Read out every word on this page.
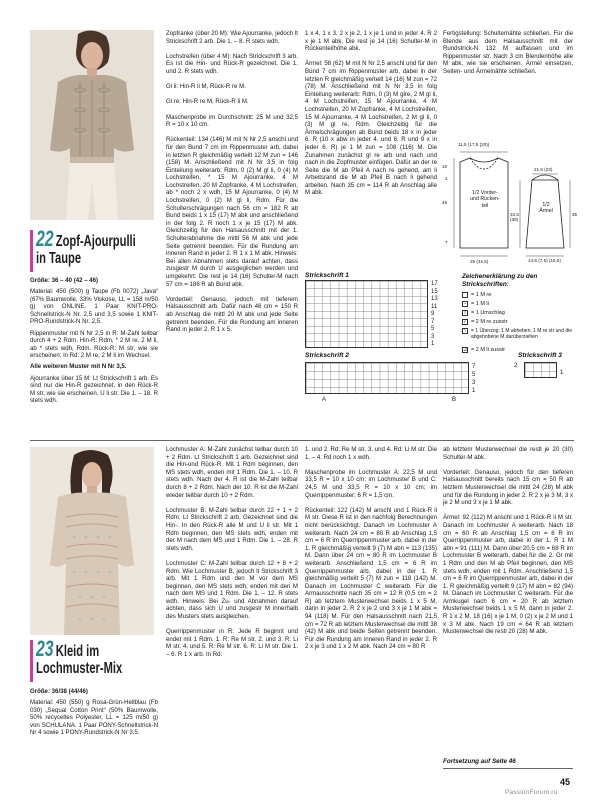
22 Zopf-Ajourpulli
in Taupe

Größe: 36 – 40 (42 – 46)

Material: 450 (500) g Taupe (Fb 0072) „Java“ (67% Baumwolle, 33% Viskose, LL = 158 m/50 g) von ONLINE. 1 Paar KNIT-PRO-Schnellstrick-N Nr. 2,5 und 3,5 sowie 1 KNIT-PRO-Rundstrick-N Nr. 2,5.

Rippenmuster mit N Nr 2,5 in R: M-Zahl teilbar durch 4 + 2 Rdm. Hin-R: Rdm, * 2 M re, 2 M li, ab * stets wdh, Rdm. Rück-R: M str, wie sie erscheinen; in Rd: 2 M re, 2 M li im Wechsel.

Alle weiteren Muster mit N Nr 3,5.

Ajourranke über 15 M: Lt Strickschrift 1 arb. Es sind nur die Hin-R gezeichnet, in den Rück-R M str, wie sie erscheinen, U li str. Die 1. – 18. R stets wdh.

Zopfranke (über 20 M): Wie Ajourranke, jedoch lt Strickschrift 2 arb. Die 1. – 8. R stets wdh.

Lochstreifen (über 4 M): Nach Strickschrift 3 arb. Es ist die Hin- und Rück-R gezeichnet. Die 1. und 2. R stets wdh.

Gl li: Hin-R li M, Rück-R re M.

Gl re: Hin-R re M, Rück-R li M.

Maschenprobe im Durchschnitt: 25 M und 32,5 R = 10 x 10 cm.

Rückenteil: 134 (146) M mit N Nr 2,5 anschl und für den Bund 7 cm im Rippenmuster arb, dabei in letzten R gleichmäßig verteilt 12 M zun = 146 (158) M. Anschließend mit N Nr 3,5 in folg Einteilung weiterarb: Rdm, 0 (2) M gl li, 0 (4) M Lochstreifen, * 15 M Ajourranke, 4 M Lochstreifen, 20 M Zopfranke, 4 M Lochstreifen, ab * noch 2 x wdh, 15 M Ajourranke, 0 (4) M Lochstreifen, 0 (2) M gl li, Rdm. Für die Schulterschrägungen nach 56 cm = 182 R ab Bund beids 1 x 15 (17) M abk und anschließend in der folg 2. R noch 1 x je 15 (17) M abk. Gleichzeitig für den Halsausschnitt mit der 1. Schulterabnahme die mittl 56 M abk und jede Seite getrennt beenden. Für die Rundung am inneren Rand in jeder 2. R 1 x 1 M abk. Hinweis: Bei allen Abnahmen stets darauf achten, dass zusgestr M durch U ausgeglichen werden und umgekehrt. Die rest je 14 (16) Schulter-M nach 57 cm = 186 R ab Bund abk.

Vorderteil: Genauso, jedoch mit tieferem Halsausschnitt arb. Dafür nach 46 cm = 150 R ab Anschlag die mittl 20 M abk und jede Seite getrennt beenden. Für die Rundung am inneren Rand in jeder 2. R 1 x 5,

1 x 4, 1 x 3, 2 x je 2, 1 x je 1 und in jeder 4. R 2 x je 1 M abk. Die rest je 14 (16) Schulter-M in Rückenteilhöhe abk.

Ärmel: 58 (62) M mit N Nr 2,5 anschl und für den Bund 7 cm im Rippenmuster arb, dabei in der letzten R gleichmäßig verteilt 14 (16) M zun = 72 (78) M. Anschließend mit N Nr 3,5 in folg Einteilung weiterarb: Rdm, 0 (3) M glre, 2 M gl li, 4 M Lochstreifen, 15 M Ajourranke, 4 M Lochstreifen, 20 M Zopfranke, 4 M Lochstreifen, 15 M Ajourranke, 4 M Lochstreifen, 2 M gl li, 0 (3) M gl re, Rdm. Gleichzeitig für die Ärmelschrägungen ab Bund beids 18 x in jeder 6. R (10 x abw in jeder 4. und 6. R und 9 x in jeder 6. R) je 1 M zun = 108 (116) M. Die Zunahmen zunächst gl re arb und nach und nach in die Zopfmuster einfügen. Dafür an der re Seite die M ab Pfeil A nach re gehend, am li Arbeitsrand die M ab Pfeil B nach li gehend arbeiten. Nach 35 cm = 114 R ab Anschlag alle M abk.

Fertigstellung: Schulternähte schließen. Für die Blende aus dem Halsausschnitt mit der Rundstrick-N 132 M auffassen und im Rippenmuster str. Nach 3 cm Blendenhöhe alle M abk, wie sie erscheinen. Ärmel einsetzen, Seiten- und Ärmelnähte schließen.

11,5 (17,5 (20))
1/2 Vorder- und Rücken- teil	1/2 Ärmel
10
1
46
7
29 (31,5)
21,5 (23)
34,5 (38)
35
14,5 (7,5) (15,5)
Strickschrift 1
17
15
13
11
9
7
5
3
1
Strickschrift 2
7
5
3
1
A	B
Strickschrift 3
2
1
Zeichenerklärung zu den Strickschriften:
= 1 M re
– = 1 M li
○ = 1 Umschlag
/ = 2 M re zusstr
\	= 1 Überzog: 1 M abheben, 1 M re str und die abgehobene M darüberziehen
⊿ = 2 M li zusstr
23 Kleid im
Lochmuster-Mix

Größe: 36/38 (44/46)

Material: 450 (550) g Rosa-Grün-Hellblau (Fb 030) „Sequal Cotton Print“ (50% Baumwolle, 50% recyceltes Polyester, LL = 125 m/50 g) von SCHULANA. 1 Paar PONY-Schnellstrick-N Nr 4 sowie 1 PONY-Rundstrick-N Nr 3,5.

Lochmuster A: M-Zahl zunächst teilbar durch 10 + 2 Rdm. Lt Strickschrift 1 arb. Gezeichnet sind die Hin-und Rück-R. Mit 1 Rdm beginnen, den MS stets wdh, enden mit 1 Rdm. Die 1. – 10. R stets wdh. Nach der 4. R ist die M-Zahl teilbar durch 8 + 2 Rdm. Nach der 10. R ist die M-Zahl wieder teilbar durch 10 + 2 Rdm.

Lochmuster B: M-Zahl teilbar durch 22 + 1 + 2 Rdm. Lt Strickschrift 2 arb. Gezeichnet sind die Hin-. In den Rück-R alle M und U li str. Mit 1 Rdm beginnen, den MS stets wdh, enden mit der M nach dem MS und 1 Rdm. Die 1. – 28. R stets wdh.

Lochmuster C: M-Zahl teilbar durch 12 + 8 + 2 Rdm. Wie Lochmuster B, jedoch lt Strickschrift 3 arb. Mit 1 Rdm und den M vor dem MS beginnen, den MS stets wdh, enden mit den M nach dem MS und 1 Rdm. Die 1. – 12. R stets wdh. Hinweis: Bei Zu- und Abnahmen darauf achten, dass sich U und zusgestr M innerhalb des Musters stets ausgleichen.

Querrippenmuster in R: Jede R beginnt und endet mit 1 Rdm. 1. R: Re M str. 2. und 3. R: Li M str. 4. und 5. R: Re M str. 6. R: Li M str. Die 1. – 6. R 1 x arb. In Rd:

1. und 2. Rd: Re M str. 3. und 4. Rd: Li M str. Die 1. – 4. Rd noch 1 x wdh.

Maschenprobe im Lochmuster A: 22,5 M und 33,5 R = 10 x 10 cm; im Lochmuster B und C: 24,5 M und 33,5 R = 10 x 10 cm; im Querrippenmuster: 6 R = 1,5 cm.

Rückenteil: 122 (142) M anschl und 1 Rück-R li M str. Diese R ist in den nachfolg Berechnungen nicht berücksichtigt. Danach im Lochmuster A weiterarb. Nach 24 cm = 80 R ab Anschlag 1,5 cm = 6 R im Querrippenmuster arb, dabei in der 1. R gleichmäßig verteilt 9 (7) M abn = 113 (135) M. Dann über 24 cm = 80 R im Lochmuster B weiterarb. Anschließend 1,5 cm = 6 R im Querrippenmuster arb, dabei in der 1. R gleichmäßig verteilt 5 (7) M zun = 118 (142) M. Danach im Lochmuster C weiterarb. Für die Armausschnitte nach 35 cm = 12 R (0,5 cm = 2 R) ab letztem Musterwechsel beids 1 x 5 M, dann in jeder 2. R 2 x je 2 und 3 x je 1 M abk = 94 (118) M. Für den Halsausschnitt nach 21,5 cm = 72 R ab letztem Musterwechsel die mittl 38 (42) M abk und beide Seiten getrennt beenden. Für die Rundung am inneren Rand in jeder 2. R 2 x je 3 und 1 x 2 M abk. Nach 24 cm = 80 R

ab letztem Musterwechsel die restl je 20 (30) Schulter-M abk.

Vorderteil: Genauso, jedoch für den tieferen Halsausschnitt bereits nach 15 cm = 50 R ab letztem Musterwechsel die mittl 24 (28) M abk und für die Rundung in jeder 2. R 2 x je 3 M, 3 x je 2 M und 3 x je 1 M abk.

Ärmel: 92 (112) M anschl und 1 Rück-R li M str. Danach im Lochmuster A weiterarb. Nach 18 cm = 60 R ab Anschlag 1,5 cm = 6 R im Querrippenmuster arb, dabei in der 1. R 1 M abn = 91 (111) M. Dann über 20,5 cm = 68 R im Lochmuster B weiterarb, dabei für die 2. Gr mit 1 Rdm und den M ab Pfeil beginnen, den MS stets wdh, enden mit 1 Rdm. Anschließend 1,5 cm = 6 R im Querrippenmuster arb, dabei in der 1. R gleichmäßig verteilt 9 (17) M abn = 82 (94) M. Danach im Lochmuster C weiterarb. Für die Armkugel nach 6 cm = 20 R ab letztem Musterwechsel beids 1 x 5 M, dann in jeder 2. R 1 x 2 M, 18 (16) x je 1 M, 0 (2) x je 2 M und 1 x 3 M abk. Nach 19 cm = 64 R ab letztem Musterwechsel die restl 20 (28) M abk.

Fortsetzung auf Seite 46
45
PassionForum.ru
